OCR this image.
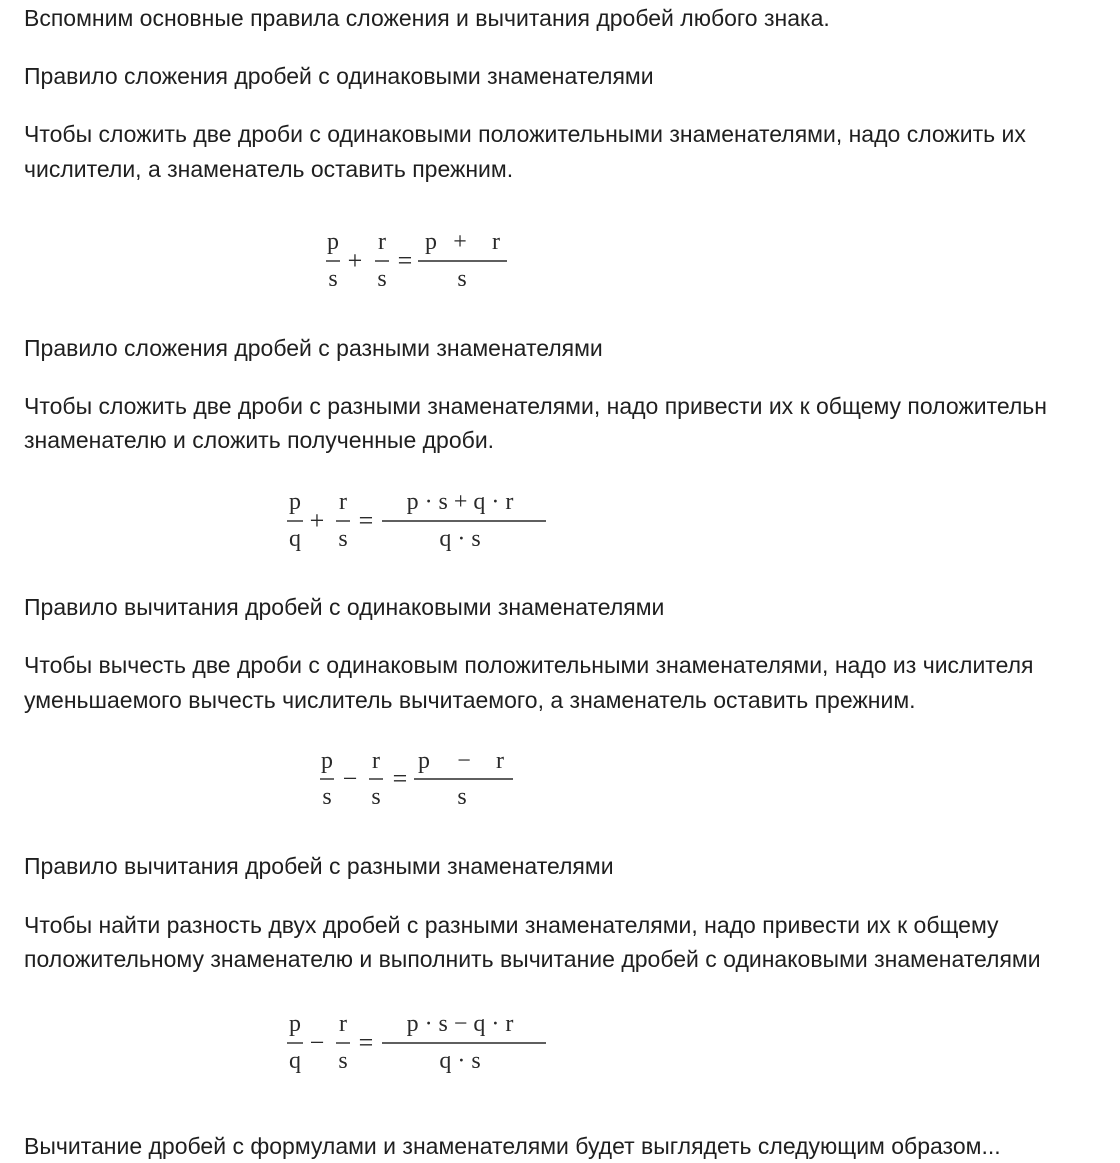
Вспомним основные правила сложения и вычитания дробей любого знака.

Правило сложения дробей с одинаковыми знаменателями

Чтобы сложить две дроби с одинаковыми положительными знаменателями, надо сложить их

числители, а знаменатель оставить прежним.

p
s
+
r
s
=
p + r
s

Правило сложения дробей с разными знаменателями

Чтобы сложить две дроби с разными знаменателями, надо привести их к общему положительн

знаменателю и сложить полученные дроби.

p
q
+
r
s
=
p · s + q · r
q · s

Правило вычитания дробей с одинаковыми знаменателями

Чтобы вычесть две дроби с одинаковым положительными знаменателями, надо из числителя

уменьшаемого вычесть числитель вычитаемого, а знаменатель оставить прежним.

p
s
−
r
s
=
p − r
s

Правило вычитания дробей с разными знаменателями

Чтобы найти разность двух дробей с разными знаменателями, надо привести их к общему

положительному знаменателю и выполнить вычитание дробей с одинаковыми знаменателями

p
q
−
r
s
=
p · s − q · r
q · s

Вычитание дробей с формулами и знаменателями будет выглядеть следующим образом...
